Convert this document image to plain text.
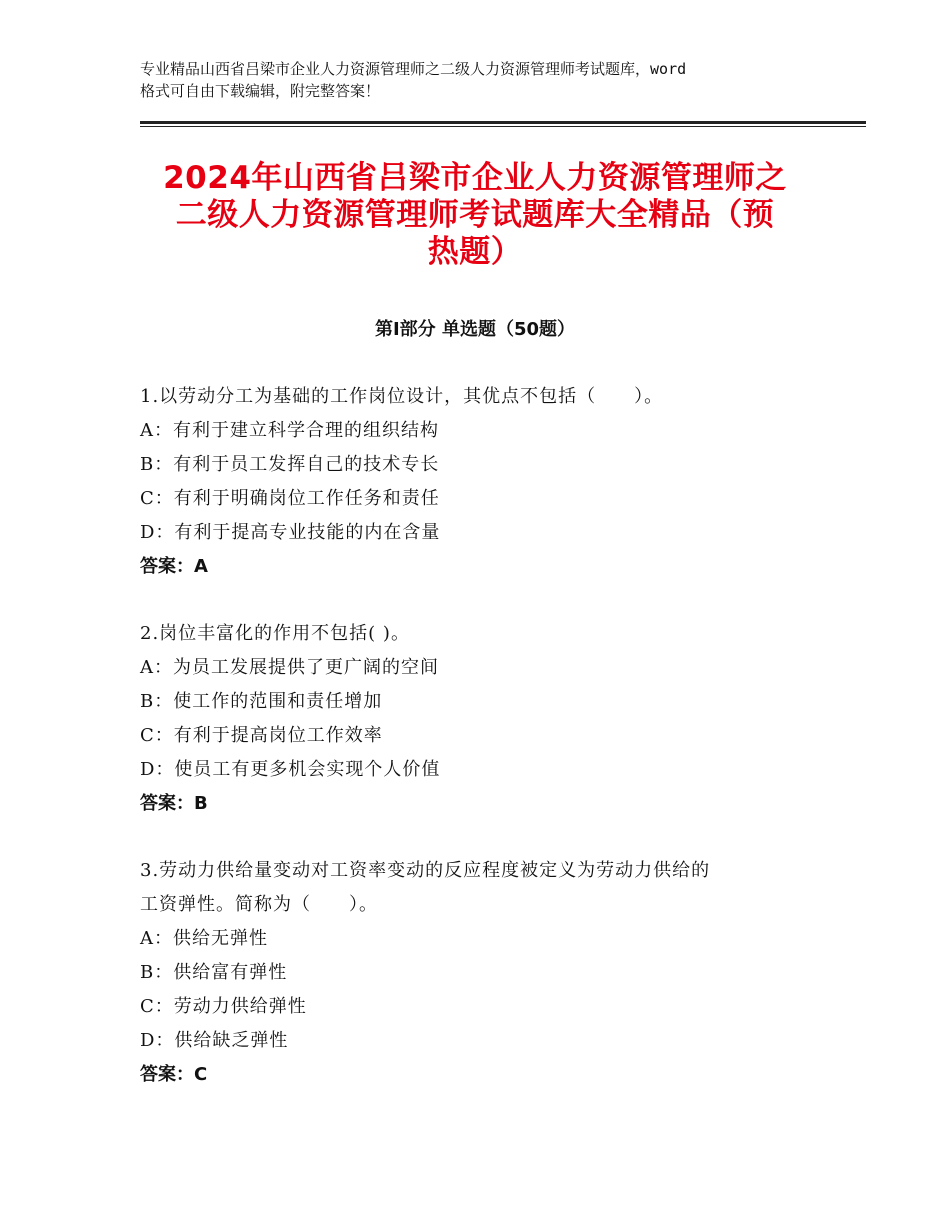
专业精品山西省吕梁市企业人力资源管理师之二级人力资源管理师考试题库，word
格式可自由下载编辑，附完整答案！
2024年山西省吕梁市企业人力资源管理师之
二级人力资源管理师考试题库大全精品（预
热题）
第Ⅰ部分 单选题（50题）
1.以劳动分工为基础的工作岗位设计，其优点不包括（　　）。
A：有利于建立科学合理的组织结构
B：有利于员工发挥自己的技术专长
C：有利于明确岗位工作任务和责任
D：有利于提高专业技能的内在含量
答案：A
2.岗位丰富化的作用不包括( )。
A：为员工发展提供了更广阔的空间
B：使工作的范围和责任增加
C：有利于提高岗位工作效率
D：使员工有更多机会实现个人价值
答案：B
3.劳动力供给量变动对工资率变动的反应程度被定义为劳动力供给的
工资弹性。简称为（　　）。
A：供给无弹性
B：供给富有弹性
C：劳动力供给弹性
D：供给缺乏弹性
答案：C
